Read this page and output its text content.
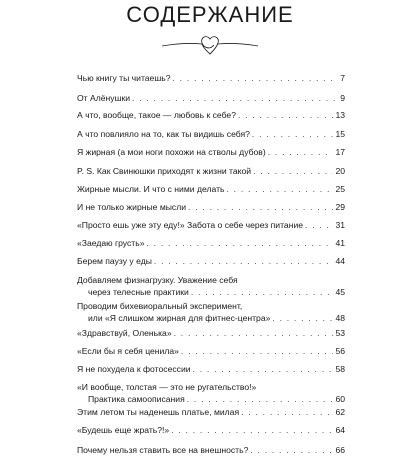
СОДЕРЖАНИЕ
Чью книгу ты читаешь? . . .	7
От Алёнушки . . .	9
А что, вообще, такое — любовь к себе? . . .	13
А что повлияло на то, как ты видишь себя? . . .	15
Я жирная (а мои ноги похожи на стволы дубов) . . .	17
P. S. Как Свинюшки приходят к жизни такой . . .	20
Жирные мысли. И что с ними делать . . .	25
И не только жирные мысли . . .	29
«Просто ешь уже эту еду!» Забота о себе через питание . . .	31
«Заедаю грусть» . . .	41
Берем паузу у еды . . .	44
Добавляем физнагрузку. Уважение себя
через телесные практики . . .	45
Проводим бихевиоральный эксперимент,
или «Я слишком жирная для фитнес-центра» . . .	48
«Здравствуй, Оленька» . . .	53
«Если бы я себя ценила» . . .	56
Я не похудела к фотосессии . . .	58
«И вообще, толстая — это не ругательство!»
Практика самоописания . . .	60
Этим летом ты наденешь платье, милая . . .	62
«Будешь еще жрать?!» . . .	64
Почему нельзя ставить все на внешность? . . .	66
